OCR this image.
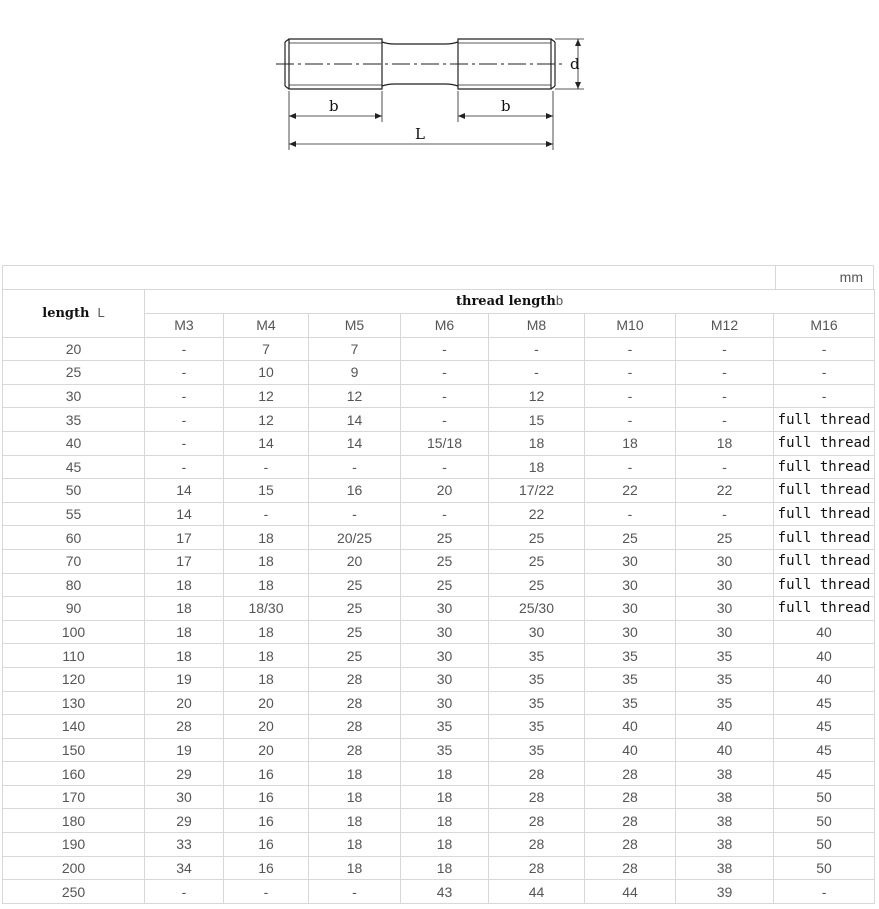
b	b
L
d
mm
length L	thread lengthb							
	M3	M4	M5	M6	M8	M10	M12	M16
20	-	7	7	-	-	-	-	-
25	-	10	9	-	-	-	-	-
30	-	12	12	-	12	-	-	-
35	-	12	14	-	15	-	-	full thread
40	-	14	14	15/18	18	18	18	full thread
45	-	-	-	-	18	-	-	full thread
50	14	15	16	20	17/22	22	22	full thread
55	14	-	-	-	22	-	-	full thread
60	17	18	20/25	25	25	25	25	full thread
70	17	18	20	25	25	30	30	full thread
80	18	18	25	25	25	30	30	full thread
90	18	18/30	25	30	25/30	30	30	full thread
100	18	18	25	30	30	30	30	40
110	18	18	25	30	35	35	35	40
120	19	18	28	30	35	35	35	40
130	20	20	28	30	35	35	35	45
140	28	20	28	35	35	40	40	45
150	19	20	28	35	35	40	40	45
160	29	16	18	18	28	28	38	45
170	30	16	18	18	28	28	38	50
180	29	16	18	18	28	28	38	50
190	33	16	18	18	28	28	38	50
200	34	16	18	18	28	28	38	50
250	-	-	-	43	44	44	39	-
